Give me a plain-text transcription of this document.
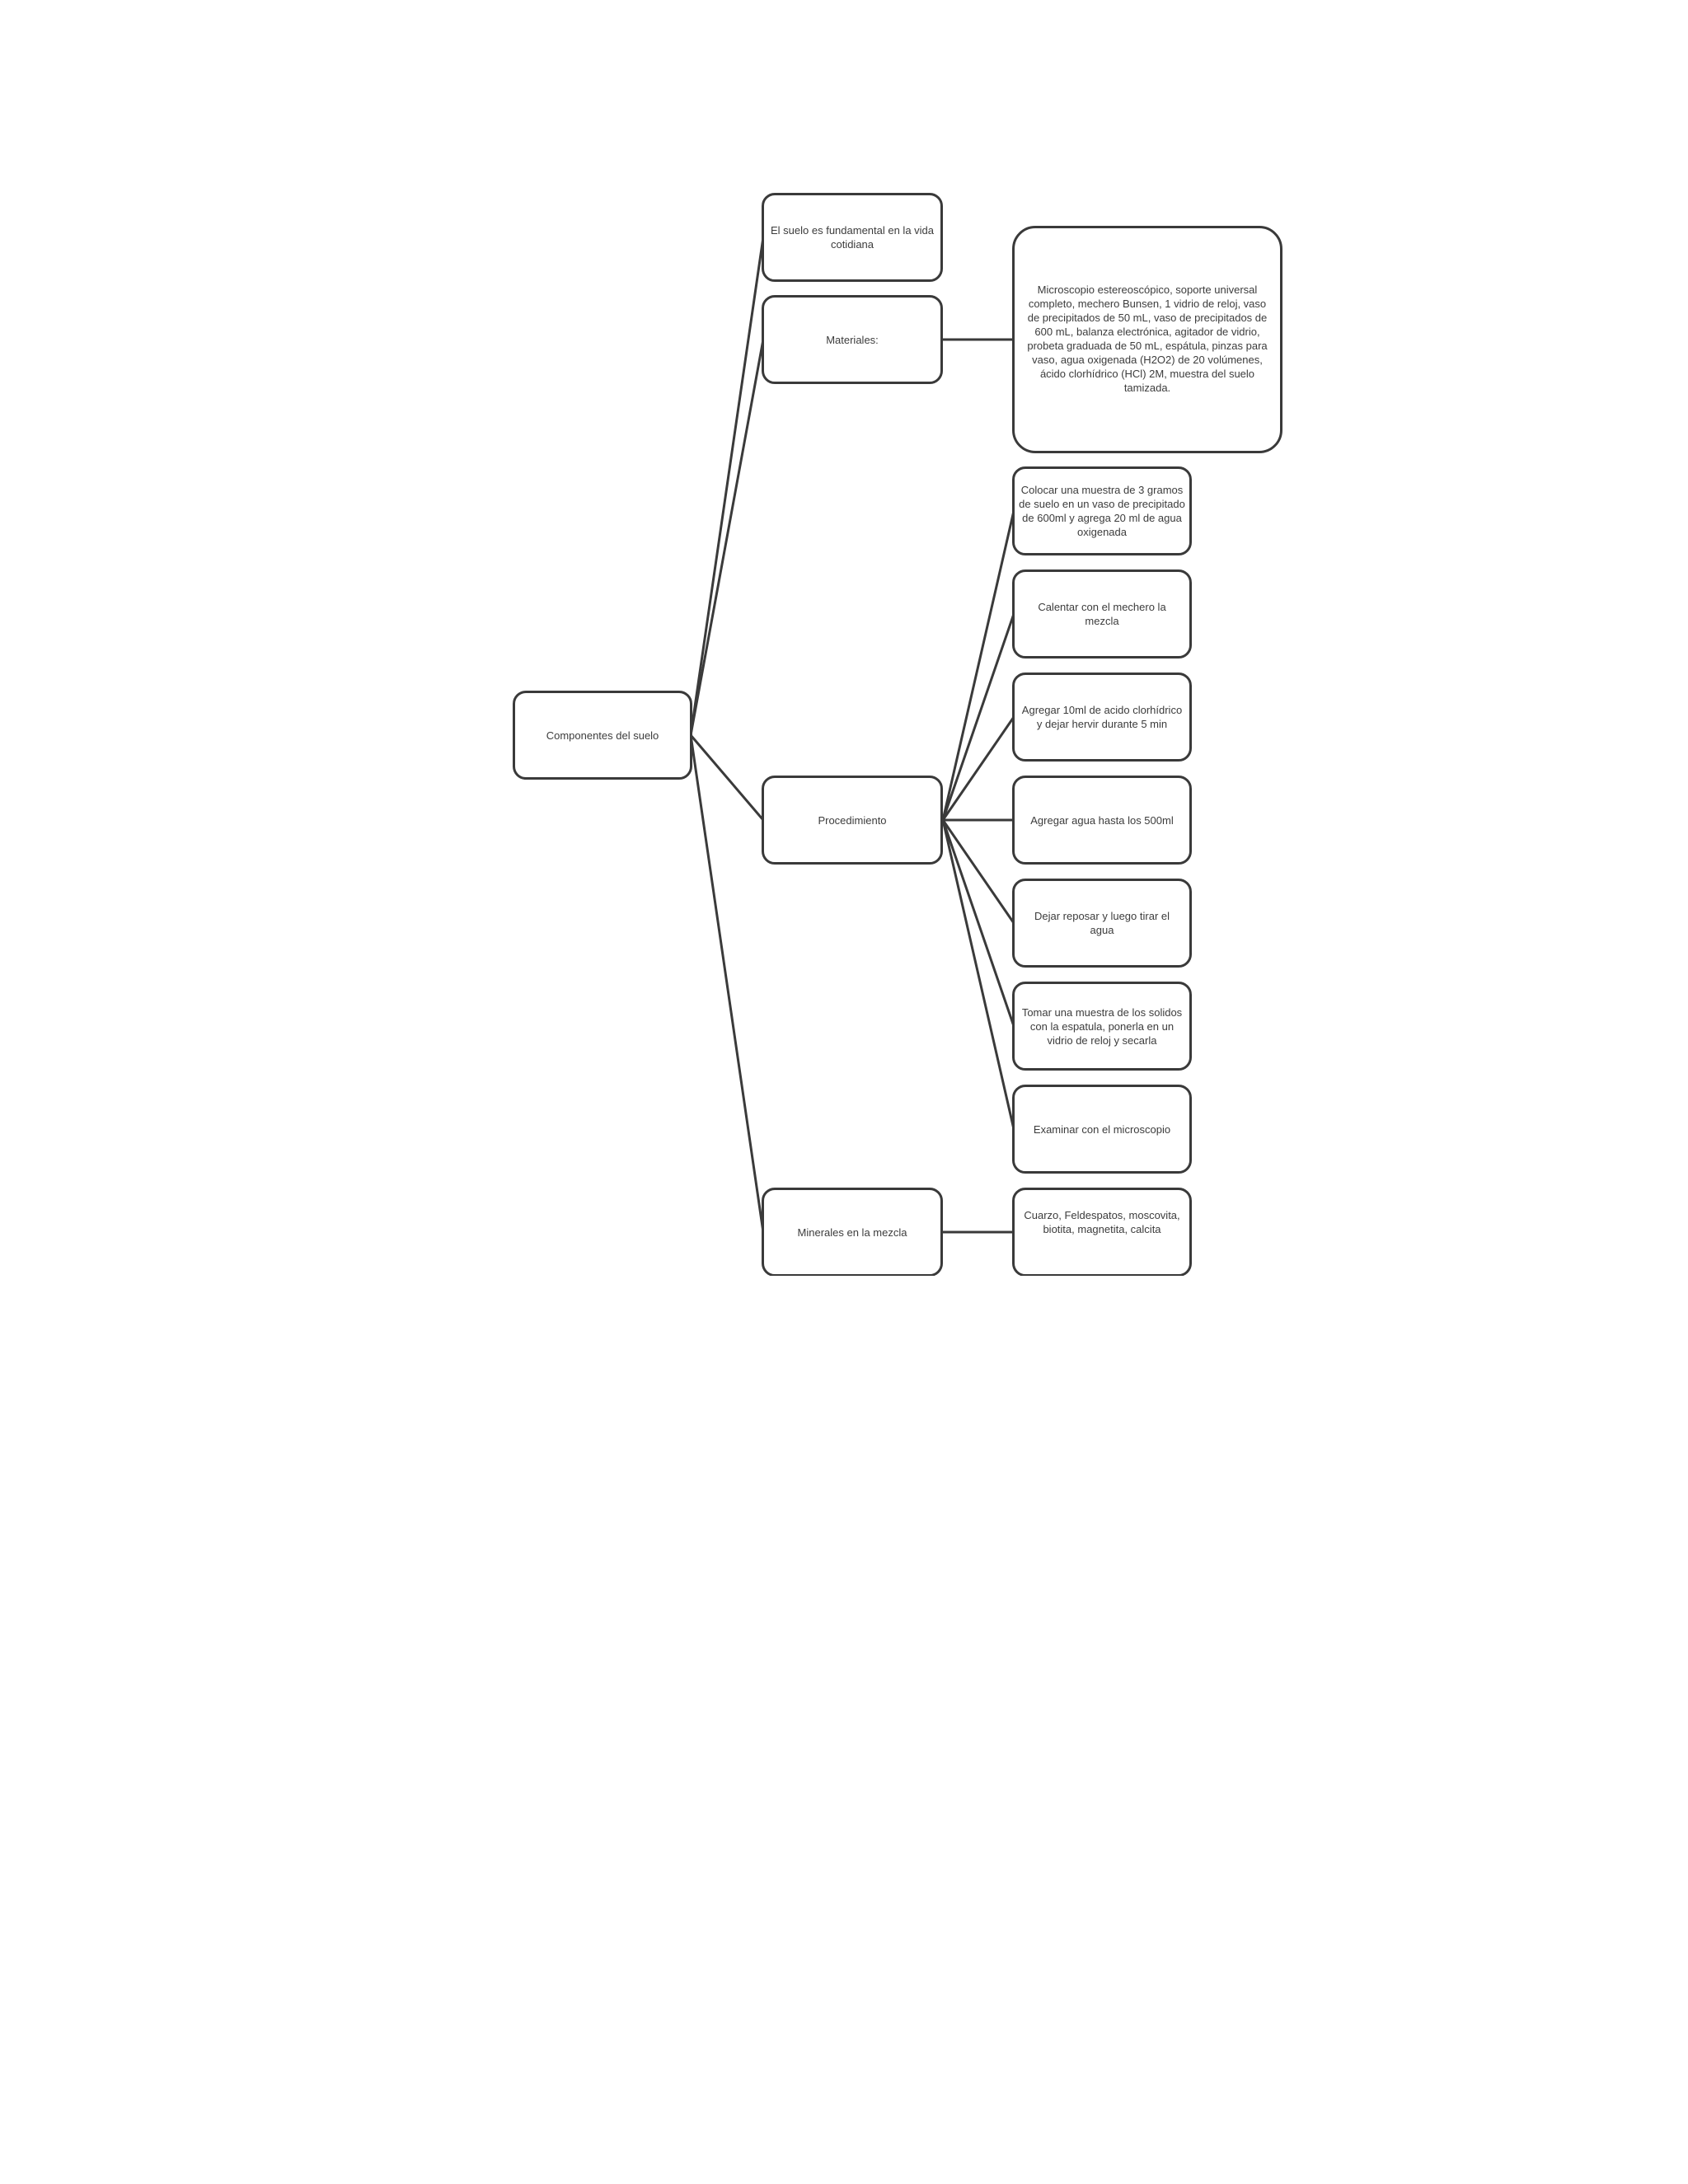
Componentes del suelo
El suelo es fundamental en la vida cotidiana
Materiales:
Microscopio estereoscópico, soporte universal completo, mechero Bunsen, 1 vidrio de reloj, vaso de precipitados de 50 mL, vaso de precipitados de 600 mL, balanza electrónica, agitador de vidrio, probeta graduada de 50 mL, espátula, pinzas para vaso, agua oxigenada (H2O2) de 20 volúmenes, ácido clorhídrico (HCl) 2M, muestra del suelo tamizada.
Procedimiento
Colocar una muestra de 3 gramos de suelo en un vaso de precipitado de 600ml y agrega 20 ml de agua oxigenada
Calentar con el mechero la mezcla
Agregar 10ml de acido clorhídrico y dejar hervir durante 5 min
Agregar agua hasta los 500ml
Dejar reposar y luego tirar el agua
Tomar una muestra de los solidos con la espatula, ponerla en un vidrio de reloj y secarla
Examinar con el microscopio
Minerales en la mezcla
Cuarzo, Feldespatos, moscovita, biotita, magnetita, calcita
